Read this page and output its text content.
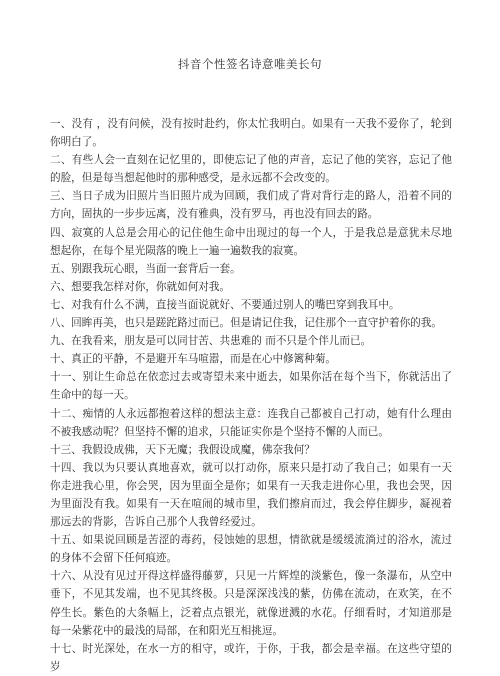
抖音个性签名诗意唯美长句

一、没有 ，没有问候，没有按时赴约，你太忙我明白。如果有一天我不爱你了，轮到你明白了。

二、有些人会一直刻在记忆里的，即使忘记了他的声音，忘记了他的笑容，忘记了他的脸，但是每当想起他时的那种感受，是永远都不会改变的。

三、当日子成为旧照片当旧照片成为回顾，我们成了背对背行走的路人，沿着不同的方向，固执的一步步远离，没有雅典，没有罗马，再也没有回去的路。

四、寂寞的人总是会用心的记住他生命中出现过的每一个人，于是我总是意犹未尽地想起你，在每个星光陨落的晚上一遍一遍数我的寂寞。

五、别跟我玩心眼，当面一套背后一套。

六、想要我怎样对你，你就如何对我。

七、对我有什么不满，直接当面说就好、不要通过别人的嘴巴穿到我耳中。

八、回眸再美，也只是蹉跎路过而已。但是请记住我，记住那个一直守护着你的我。

九、在我看来，朋友是可以同甘苦、共患难的 而不只是个伴儿而已。

十、真正的平静，不是避开车马喧嚣，而是在心中修篱种菊。

十一、别让生命总在依恋过去或寄望未来中逝去，如果你活在每个当下，你就活出了生命中的每一天。

十二、痴情的人永远都抱着这样的想法主意：连我自己都被自己打动，她有什么理由不被我感动呢？但坚持不懈的追求，只能证实你是个坚持不懈的人而已。

十三、我假设成佛，天下无魔；我假设成魔，佛奈我何？

十四、我以为只要认真地喜欢，就可以打动你，原来只是打动了我自己；如果有一天你走进我心里，你会哭，因为里面全是你；如果有一天我走进你心里，我也会哭，因为里面没有我。如果有一天在喧闹的城市里，我们擦肩而过，我会停住脚步，凝视着那远去的背影，告诉自己那个人我曾经爱过。

十五、如果说回顾是苦涩的毒药，侵蚀她的思想，情欲就是缓缓流淌过的浴水，流过的身体不会留下任何痕迹。

十六、从没有见过开得这样盛得藤萝，只见一片辉煌的淡紫色，像一条瀑布，从空中垂下，不见其发端，也不见其终极。只是深深浅浅的紫，仿佛在流动，在欢笑，在不停生长。紫色的大条幅上，泛着点点银光，就像迸溅的水花。仔细看时，才知道那是每一朵紫花中的最浅的局部，在和阳光互相挑逗。

十七、时光深处，在水一方的相守，或许，于你，于我，都会是幸福。在这些守望的岁
